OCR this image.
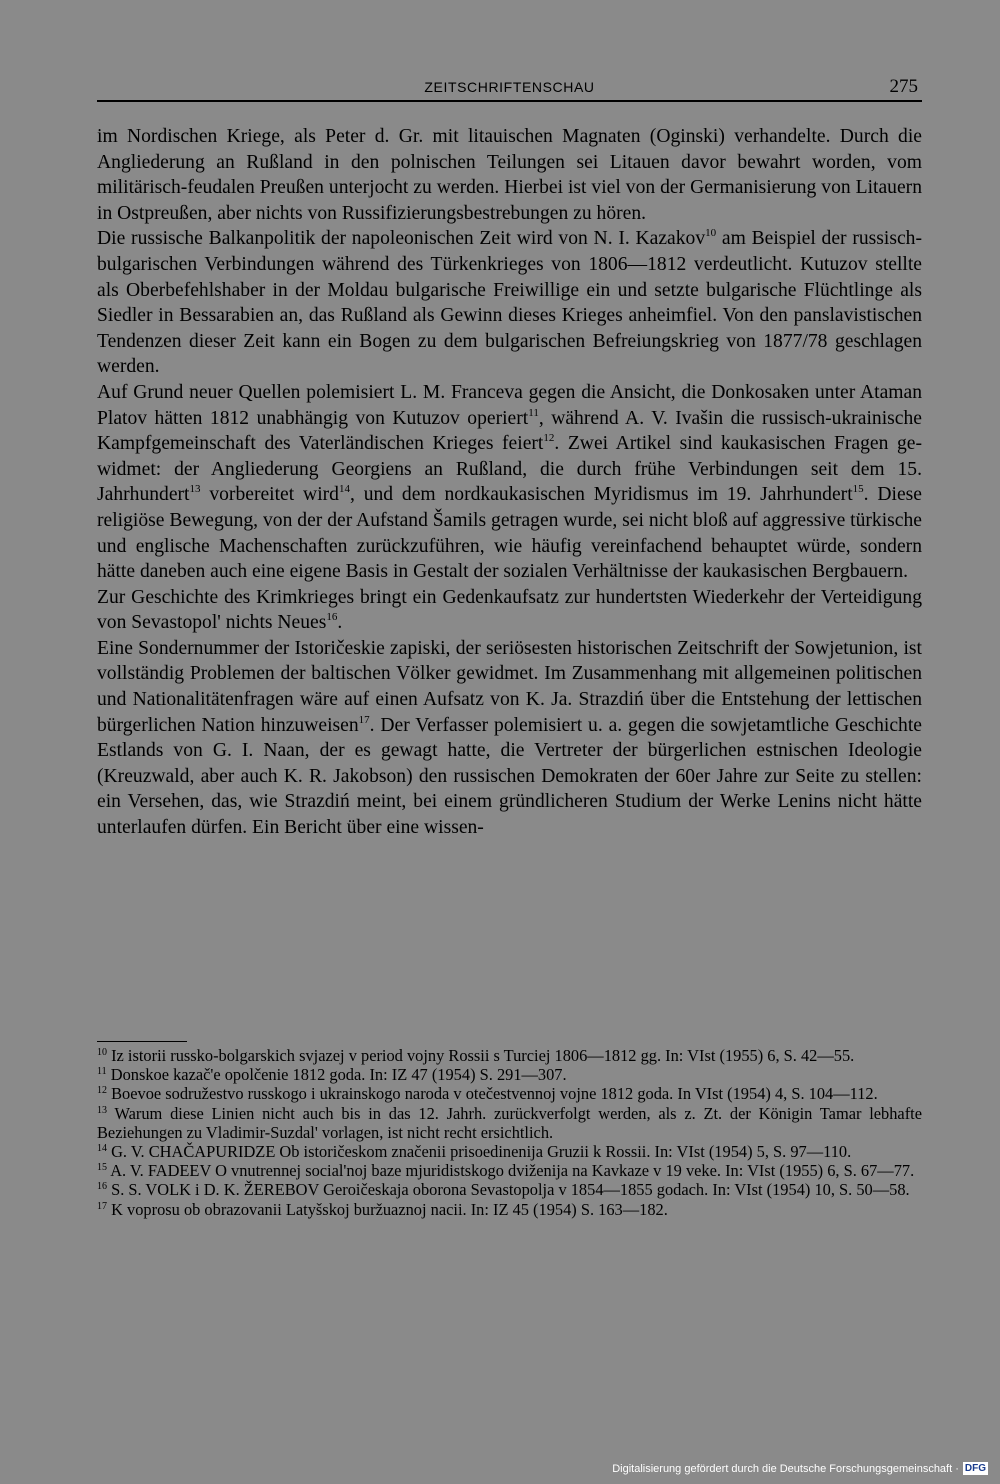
ZEITSCHRIFTENSCHAU	275

im Nordischen Kriege, als Peter d. Gr. mit litauischen Magnaten (Oginski) verhandelte. Durch die Angliederung an Rußland in den polnischen Teilungen sei Litauen davor bewahrt worden, vom militärisch-feudalen Preußen unterjocht zu werden. Hierbei ist viel von der Germanisierung von Litauern in Ostpreußen, aber nichts von Russifizierungsbestrebungen zu hören.

Die russische Balkanpolitik der napoleonischen Zeit wird von N. I. Kazakov$^{10}$ am Beispiel der russisch-bulgarischen Verbindungen während des Türkenkrieges von 1806—1812 verdeutlicht. Kutuzov stellte als Oberbefehlshaber in der Moldau bulgarische Freiwillige ein und setzte bulgarische Flüchtlinge als Siedler in Bessarabien an, das Rußland als Gewinn dieses Krieges anheimfiel. Von den panslavistischen Tendenzen dieser Zeit kann ein Bogen zu dem bulgarischen Befreiungskrieg von 1877/78 geschlagen werden.

Auf Grund neuer Quellen polemisiert L. M. Franceva gegen die Ansicht, die Donkosaken unter Ataman Platov hätten 1812 unabhängig von Kutuzov operiert$^{11}$, während A. V. Ivašin die russisch-ukrainische Kampfgemeinschaft des Vaterländischen Krieges feiert$^{12}$. Zwei Artikel sind kaukasischen Fragen gewidmet: der Angliederung Georgiens an Rußland, die durch frühe Verbindungen seit dem 15. Jahrhundert$^{13}$ vorbereitet wird$^{14}$, und dem nordkaukasischen Myridismus im 19. Jahrhundert$^{15}$. Diese religiöse Bewegung, von der der Aufstand Šamils getragen wurde, sei nicht bloß auf aggressive türkische und englische Machenschaften zurückzuführen, wie häufig vereinfachend behauptet würde, sondern hätte daneben auch eine eigene Basis in Gestalt der sozialen Verhältnisse der kaukasischen Bergbauern.

Zur Geschichte des Krimkrieges bringt ein Gedenkaufsatz zur hundertsten Wiederkehr der Verteidigung von Sevastopol' nichts Neues$^{16}$.

Eine Sondernummer der Istoričeskie zapiski, der seriösesten historischen Zeitschrift der Sowjetunion, ist vollständig Problemen der baltischen Völker gewidmet. Im Zusammenhang mit allgemeinen politischen und Nationalitätenfragen wäre auf einen Aufsatz von K. Ja. Strazdiń über die Entstehung der lettischen bürgerlichen Nation hinzuweisen$^{17}$. Der Verfasser polemisiert u. a. gegen die sowjetamtliche Geschichte Estlands von G. I. Naan, der es gewagt hatte, die Vertreter der bürgerlichen estnischen Ideologie (Kreuzwald, aber auch K. R. Jakobson) den russischen Demokraten der 60er Jahre zur Seite zu stellen: ein Versehen, das, wie Strazdiń meint, bei einem gründlicheren Studium der Werke Lenins nicht hätte unterlaufen dürfen. Ein Bericht über eine wissen-

$^{10}$ Iz istorii russko-bolgarskich svjazej v period vojny Rossii s Turciej 1806—1812 gg. In: VIst (1955) 6, S. 42—55.

$^{11}$ Donskoe kazač'e opolčenie 1812 goda. In: IZ 47 (1954) S. 291—307.

$^{12}$ Boevoe sodružestvo russkogo i ukrainskogo naroda v otečestvennoj vojne 1812 goda. In VIst (1954) 4, S. 104—112.

$^{13}$ Warum diese Linien nicht auch bis in das 12. Jahrh. zurückverfolgt werden, als z. Zt. der Königin Tamar lebhafte Beziehungen zu Vladimir-Suzdal' vorlagen, ist nicht recht ersichtlich.

$^{14}$ G. V. CHAČAPURIDZE Ob istoričeskom značenii prisoedinenija Gruzii k Rossii. In: VIst (1954) 5, S. 97—110.

$^{15}$ A. V. FADEEV O vnutrennej social'noj baze mjuridistskogo dviženija na Kavkaze v 19 veke. In: VIst (1955) 6, S. 67—77.

$^{16}$ S. S. VOLK i D. K. ŽEREBOV Geroičeskaja oborona Sevastopolja v 1854—1855 godach. In: VIst (1954) 10, S. 50—58.

$^{17}$ K voprosu ob obrazovanii Latyšskoj buržuaznoj nacii. In: IZ 45 (1954) S. 163—182.

Digitalisierung gefördert durch die Deutsche Forschungsgemeinschaft · DFG
